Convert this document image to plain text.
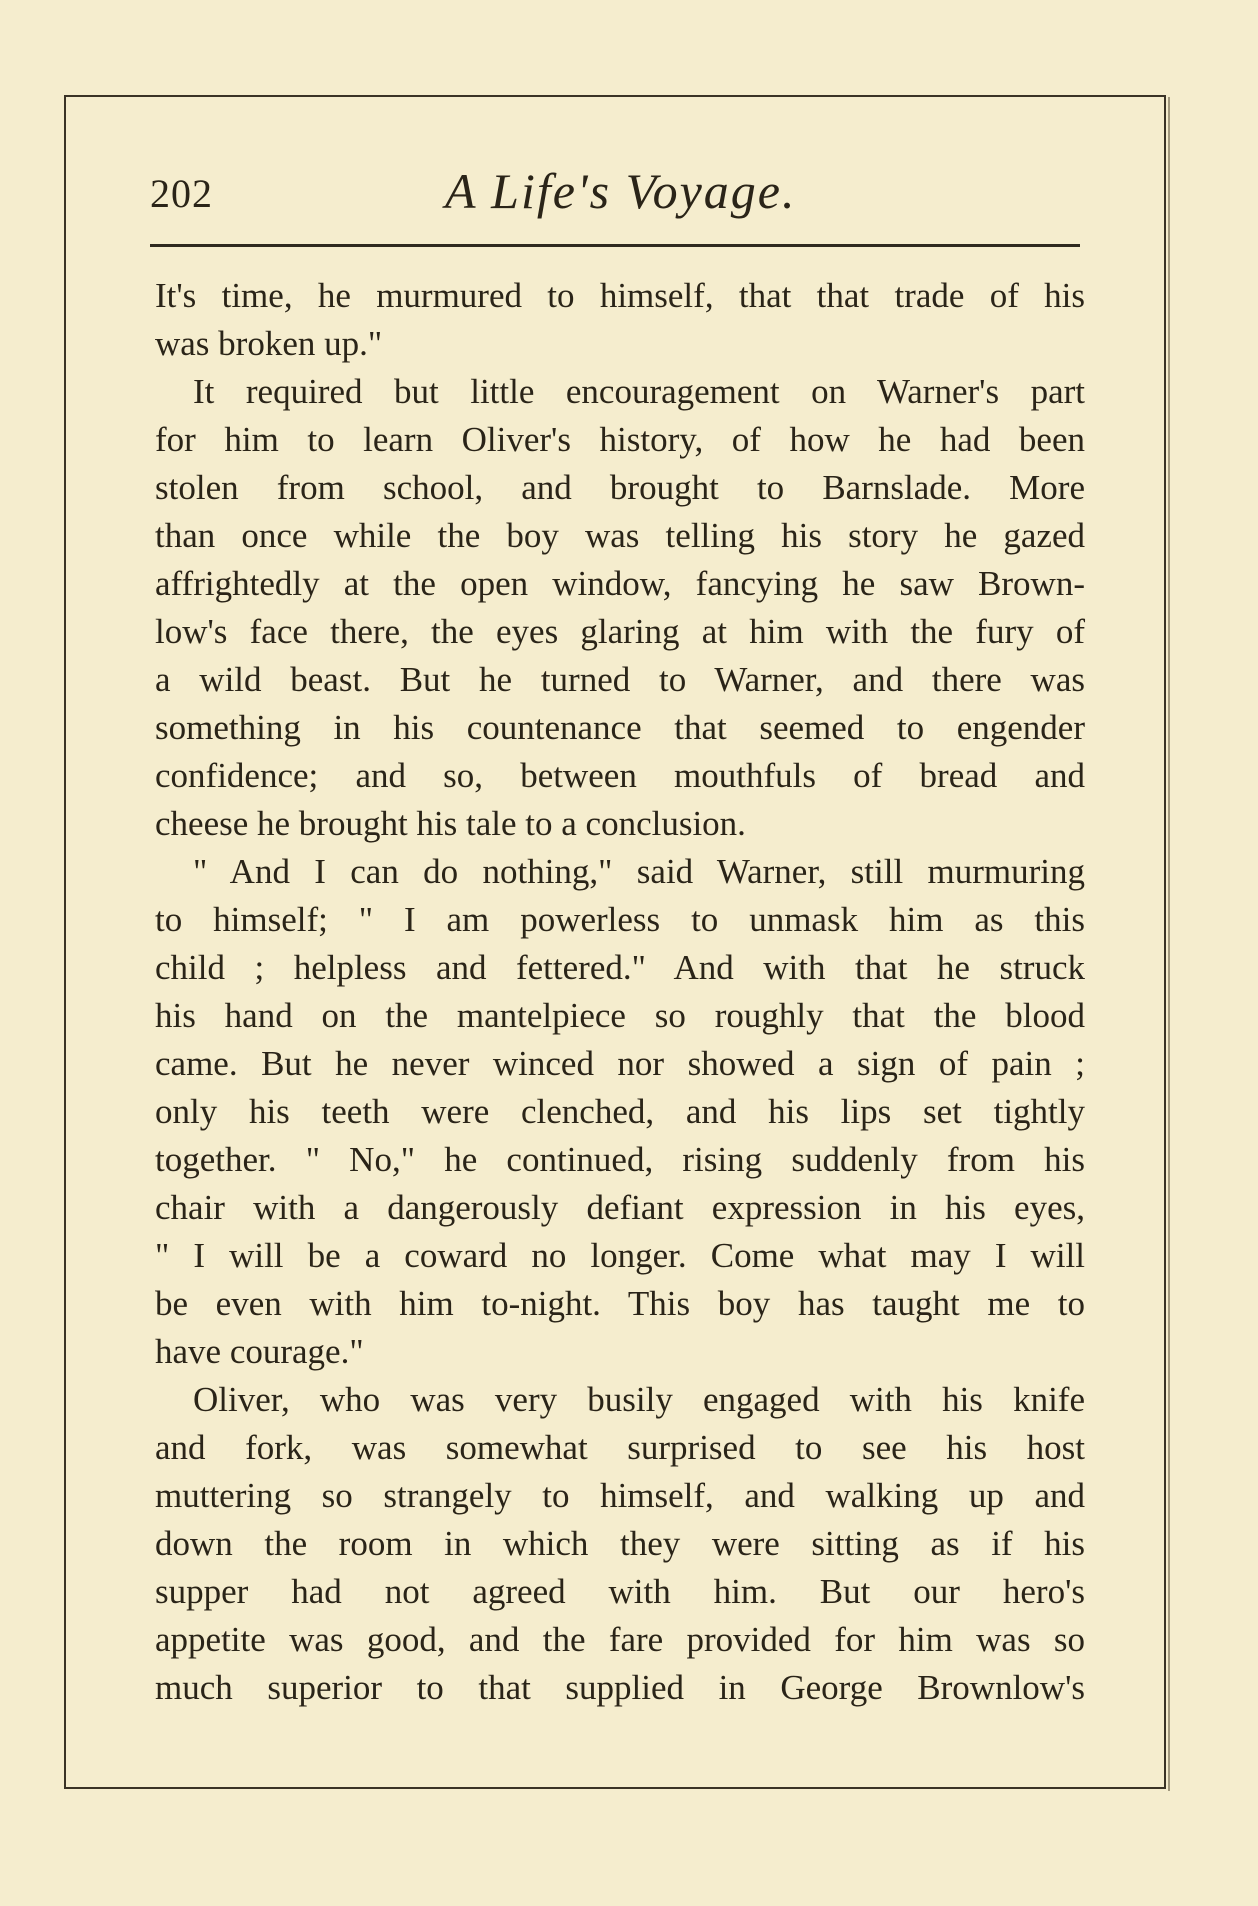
202	A Life's Voyage.
It's time, he murmured to himself, that that trade of his
was broken up."
It required but little encouragement on Warner's part
for him to learn Oliver's history, of how he had been
stolen from school, and brought to Barnslade. More
than once while the boy was telling his story he gazed
affrightedly at the open window, fancying he saw Brown-
low's face there, the eyes glaring at him with the fury of
a wild beast. But he turned to Warner, and there was
something in his countenance that seemed to engender
confidence; and so, between mouthfuls of bread and
cheese he brought his tale to a conclusion.
" And I can do nothing," said Warner, still murmuring
to himself; " I am powerless to unmask him as this
child ; helpless and fettered." And with that he struck
his hand on the mantelpiece so roughly that the blood
came. But he never winced nor showed a sign of pain ;
only his teeth were clenched, and his lips set tightly
together. " No," he continued, rising suddenly from his
chair with a dangerously defiant expression in his eyes,
" I will be a coward no longer. Come what may I will
be even with him to-night. This boy has taught me to
have courage."
Oliver, who was very busily engaged with his knife
and fork, was somewhat surprised to see his host
muttering so strangely to himself, and walking up and
down the room in which they were sitting as if his
supper had not agreed with him. But our hero's
appetite was good, and the fare provided for him was so
much superior to that supplied in George Brownlow's
